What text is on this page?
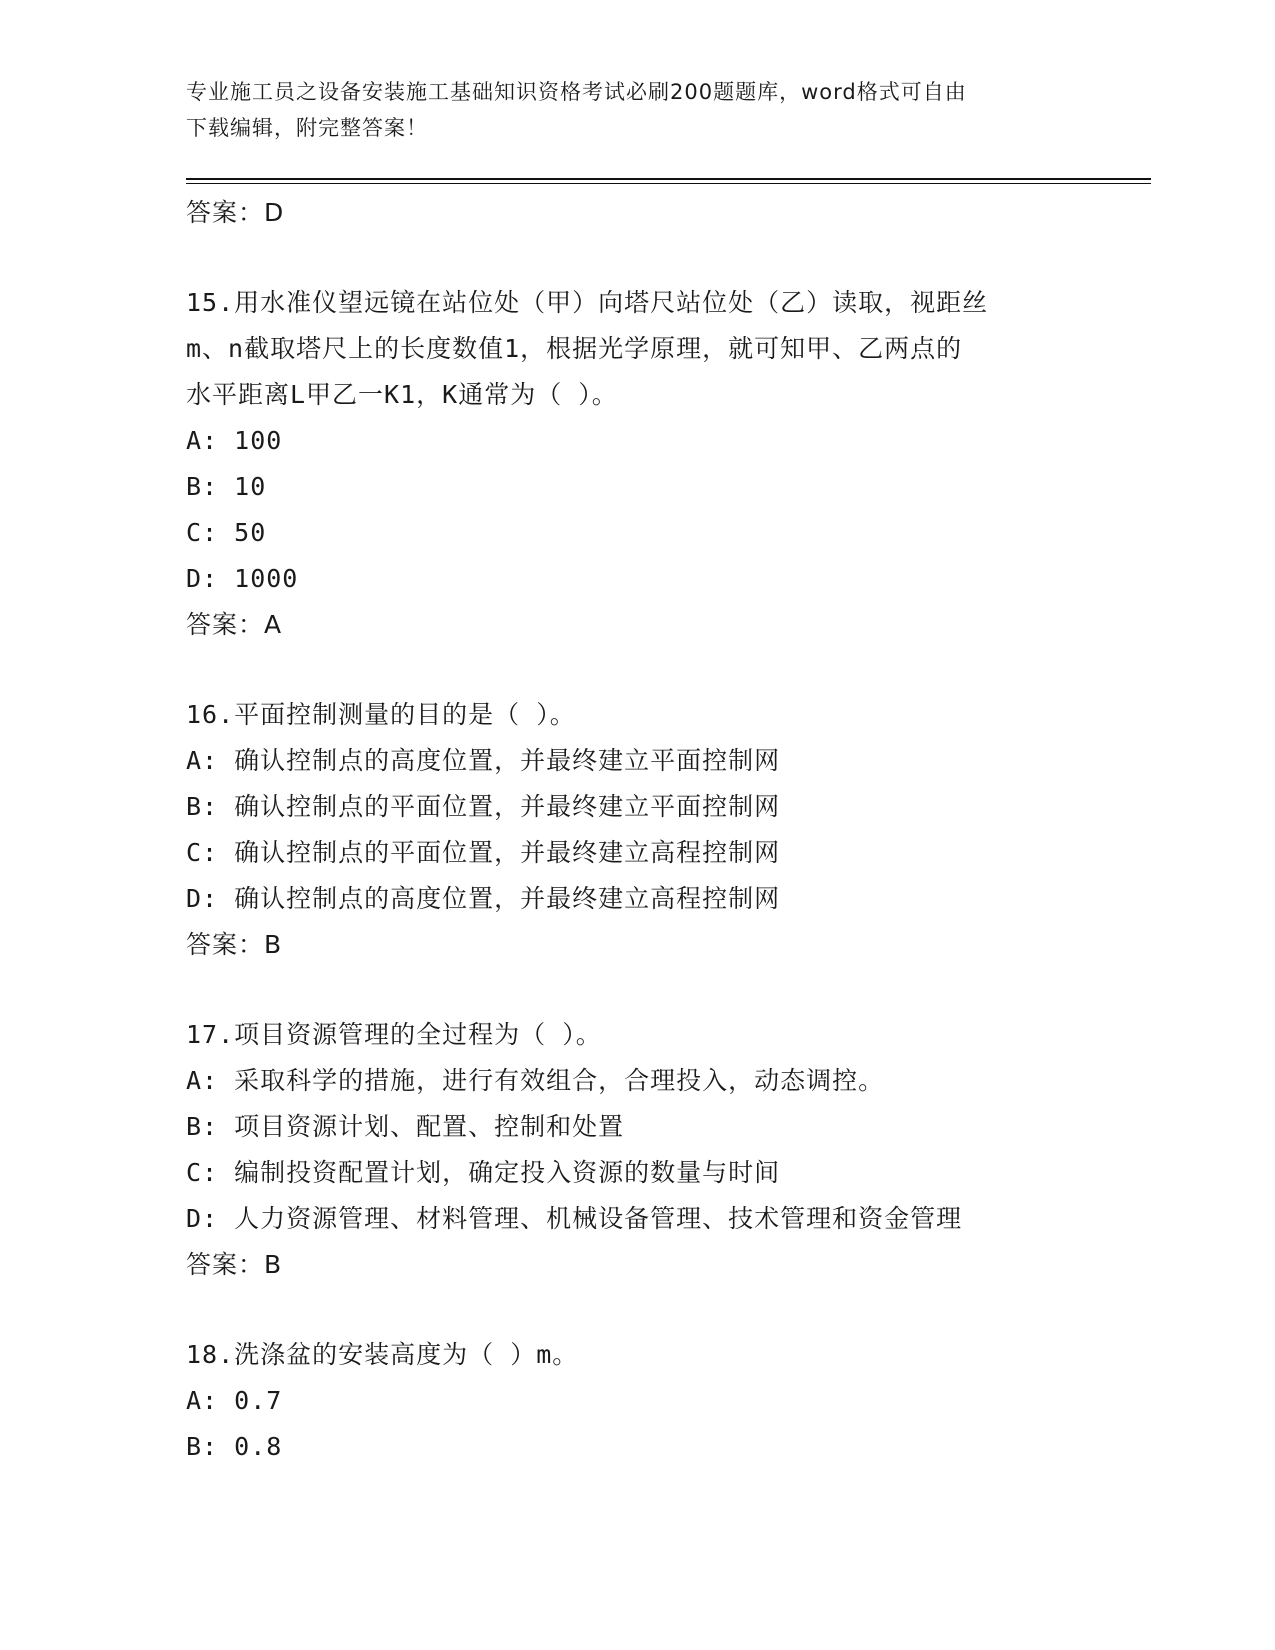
专业施工员之设备安装施工基础知识资格考试必刷200题题库，word格式可自由
下载编辑，附完整答案！
答案：D
15.用水准仪望远镜在站位处（甲）向塔尺站位处（乙）读取，视距丝
m、n截取塔尺上的长度数值1，根据光学原理，就可知甲、乙两点的
水平距离L甲乙一K1，K通常为（ ）。
A: 100
B: 10
C: 50
D: 1000
答案：A
16.平面控制测量的目的是（ ）。
A: 确认控制点的高度位置，并最终建立平面控制网
B: 确认控制点的平面位置，并最终建立平面控制网
C: 确认控制点的平面位置，并最终建立高程控制网
D: 确认控制点的高度位置，并最终建立高程控制网
答案：B
17.项目资源管理的全过程为（ ）。
A: 采取科学的措施，进行有效组合，合理投入，动态调控。
B: 项目资源计划、配置、控制和处置
C: 编制投资配置计划，确定投入资源的数量与时间
D: 人力资源管理、材料管理、机械设备管理、技术管理和资金管理
答案：B
18.洗涤盆的安装高度为（ ）m。
A: 0.7
B: 0.8
